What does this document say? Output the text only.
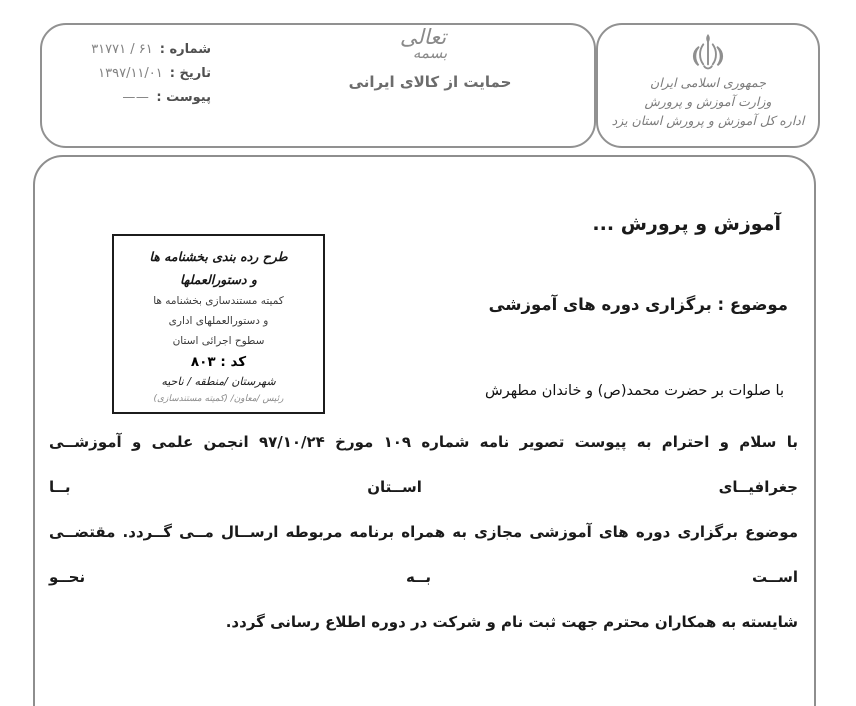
شماره :
۳۱۷۷۱ / ۶۱
تاریخ :
۱۳۹۷/۱۱/۰۱
پیوست :
——
تعالی
بسمه
حمایت از کالای ایرانی	جمهوری اسلامی ایران
وزارت آموزش و پرورش
اداره کل آموزش و پرورش استان یزد
آموزش و پرورش ...
موضوع : برگزاری دوره های آموزشی
طرح رده بندی بخشنامه ها
و دستورالعملها
کمیته مستندسازی بخشنامه ها
و دستورالعملهای اداری
سطوح اجرائی استان
کد : ۸۰۳
شهرستان /منطقه / ناحیه
رئیس /معاون/ (کمیته مستندسازی)	با صلوات بر حضرت محمد(ص) و خاندان مطهرش
با سلام و احترام به پیوست تصویر نامه شماره ۱۰۹ مورخ ۹۷/۱۰/۲۴ انجمن علمی و آموزشــی جغرافیــای اســتان بــا
موضوع برگزاری دوره های آموزشی مجازی به همراه برنامه مربوطه ارســال مــی گــردد. مقتضــی اســت بــه نحــو
شایسته به همکاران محترم جهت ثبت نام و شرکت در دوره اطلاع رسانی گردد.
